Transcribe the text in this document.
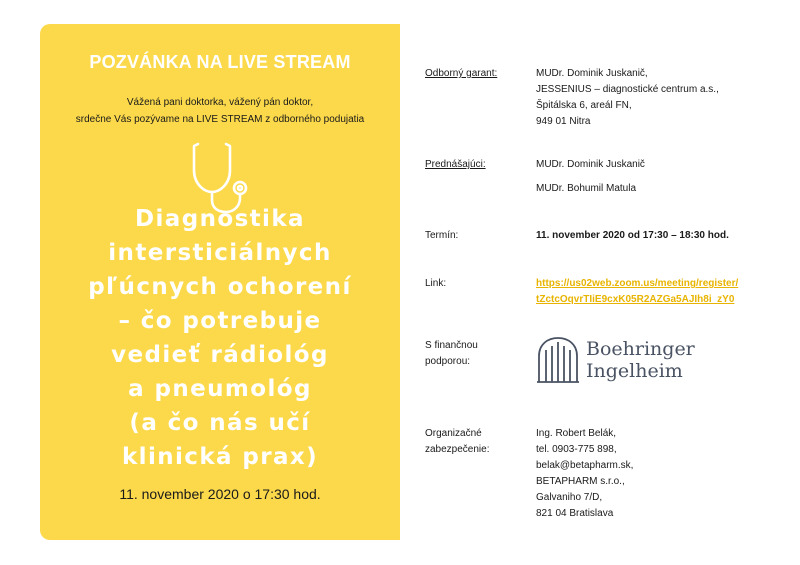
POZVÁNKA NA LIVE STREAM
Vážená pani doktorka, vážený pán doktor,
srdečne Vás pozývame na LIVE STREAM z odborného podujatia
Diagnostika
intersticiálnych
pľúcnych ochorení
– čo potrebuje
vedieť rádiológ
a pneumológ
(a čo nás učí
klinická prax)
11. november 2020 o 17:30 hod.
Odborný garant:	MUDr. Dominik Juskanič,
JESSENIUS – diagnostické centrum a.s.,
Špitálska 6, areál FN,
949 01 Nitra
Prednášajúci:	MUDr. Dominik Juskanič
MUDr. Bohumil Matula
Termín:	11. november 2020 od 17:30 – 18:30 hod.
Link:	https://us02web.zoom.us/meeting/register/
tZctcOqvrTIiE9cxK05R2AZGa5AJIh8i_zY0
S finančnou
podporou:
Boehringer
Ingelheim
Organizačné
zabezpečenie:
Ing. Robert Belák,
tel. 0903-775 898,
belak@betapharm.sk,
BETAPHARM s.r.o.,
Galvaniho 7/D,
821 04 Bratislava
